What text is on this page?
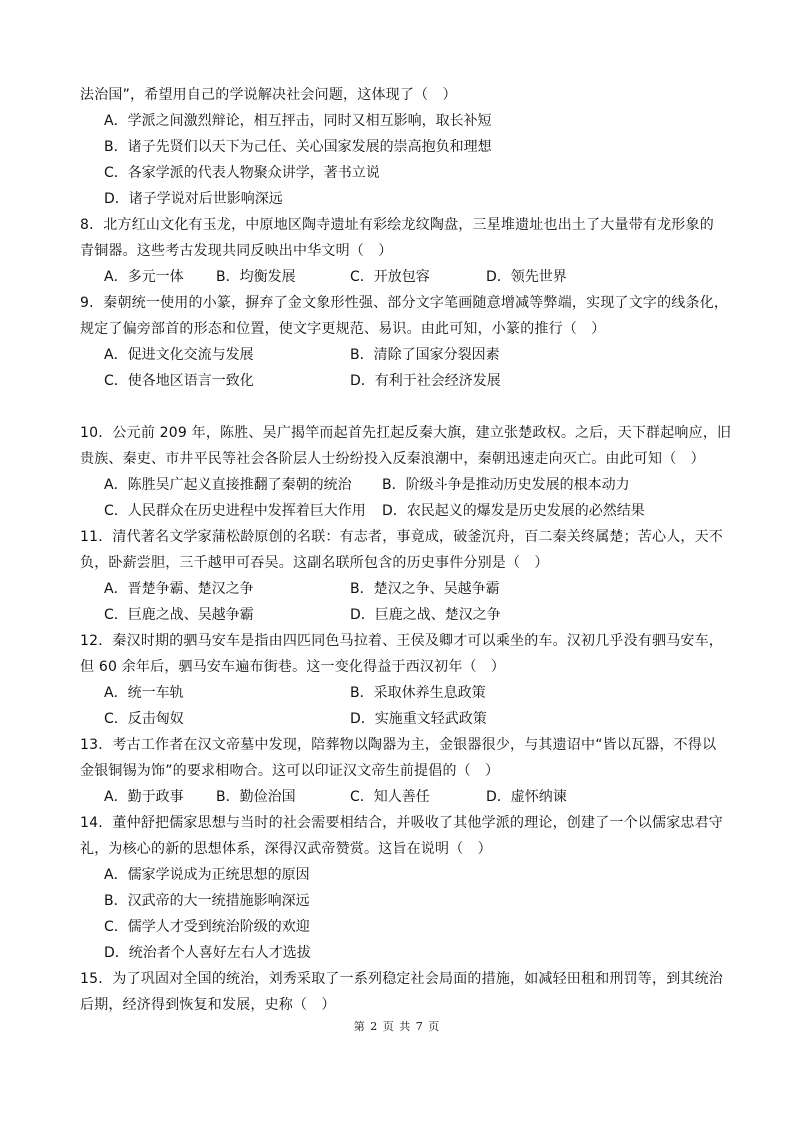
法治国”，希望用自己的学说解决社会问题，这体现了（　）
A．学派之间激烈辩论，相互抨击，同时又相互影响，取长补短
B．诸子先贤们以天下为己任、关心国家发展的崇高抱负和理想
C．各家学派的代表人物聚众讲学，著书立说
D．诸子学说对后世影响深远
8．北方红山文化有玉龙，中原地区陶寺遗址有彩绘龙纹陶盘，三星堆遗址也出土了大量带有龙形象的
青铜器。这些考古发现共同反映出中华文明（　）
A．多元一体 B．均衡发展	C．开放包容	D．领先世界
9．秦朝统一使用的小篆，摒弃了金文象形性强、部分文字笔画随意增减等弊端，实现了文字的线条化，
规定了偏旁部首的形态和位置，使文字更规范、易识。由此可知，小篆的推行（　）
A．促进文化交流与发展	B．清除了国家分裂因素
C．使各地区语言一致化	D．有利于社会经济发展
10．公元前 209 年，陈胜、吴广揭竿而起首先扛起反秦大旗，建立张楚政权。之后，天下群起响应，旧
贵族、秦吏、市井平民等社会各阶层人士纷纷投入反秦浪潮中，秦朝迅速走向灭亡。由此可知（　）
A．陈胜吴广起义直接推翻了秦朝的统治 B．阶级斗争是推动历史发展的根本动力
C．人民群众在历史进程中发挥着巨大作用 D．农民起义的爆发是历史发展的必然结果
11．清代著名文学家蒲松龄原创的名联：有志者，事竟成，破釜沉舟，百二秦关终属楚；苦心人，天不
负，卧薪尝胆，三千越甲可吞吴。这副名联所包含的历史事件分别是（　）
A．晋楚争霸、楚汉之争	B．楚汉之争、吴越争霸
C．巨鹿之战、吴越争霸	D．巨鹿之战、楚汉之争
12．秦汉时期的驷马安车是指由四匹同色马拉着、王侯及卿才可以乘坐的车。汉初几乎没有驷马安车，
但 60 余年后，驷马安车遍布街巷。这一变化得益于西汉初年（　）
A．统一车轨	B．采取休养生息政策
C．反击匈奴	D．实施重文轻武政策
13．考古工作者在汉文帝墓中发现，陪葬物以陶器为主，金银器很少，与其遗诏中“皆以瓦器，不得以
金银铜锡为饰”的要求相吻合。这可以印证汉文帝生前提倡的（　）
A．勤于政事 B．勤俭治国	C．知人善任	D．虚怀纳谏
14．董仲舒把儒家思想与当时的社会需要相结合，并吸收了其他学派的理论，创建了一个以儒家忠君守
礼，为核心的新的思想体系，深得汉武帝赞赏。这旨在说明（　）
A．儒家学说成为正统思想的原因
B．汉武帝的大一统措施影响深远
C．儒学人才受到统治阶级的欢迎
D．统治者个人喜好左右人才选拔
15．为了巩固对全国的统治，刘秀采取了一系列稳定社会局面的措施，如减轻田租和刑罚等，到其统治
后期，经济得到恢复和发展，史称（　）
第 2 页 共 7 页
